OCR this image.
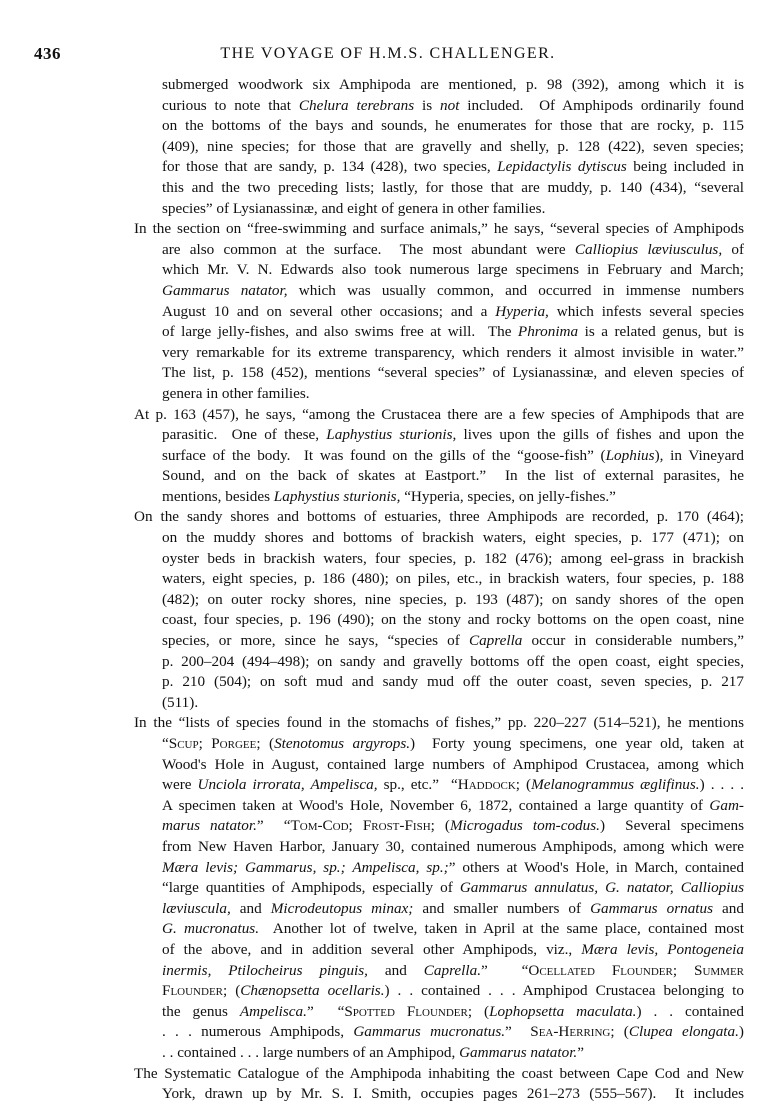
436	THE VOYAGE OF H.M.S. CHALLENGER.
submerged woodwork six Amphipoda are mentioned, p. 98 (392), among which it is
curious to note that Chelura terebrans is not included.  Of Amphipods ordinarily found
on the bottoms of the bays and sounds, he enumerates for those that are rocky, p. 115
(409), nine species; for those that are gravelly and shelly, p. 128 (422), seven species;
for those that are sandy, p. 134 (428), two species, Lepidactylis dytiscus being included in
this and the two preceding lists; lastly, for those that are muddy, p. 140 (434), “several
species” of Lysianassinæ, and eight of genera in other families.
In the section on “free-swimming and surface animals,” he says, “several species of Amphipods
are also common at the surface.  The most abundant were Calliopius læviusculus, of
which Mr. V. N. Edwards also took numerous large specimens in February and March;
Gammarus natator, which was usually common, and occurred in immense numbers
August 10 and on several other occasions; and a Hyperia, which infests several species
of large jelly-fishes, and also swims free at will.  The Phronima is a related genus, but is
very remarkable for its extreme transparency, which renders it almost invisible in water.”
The list, p. 158 (452), mentions “several species” of Lysianassinæ, and eleven species of
genera in other families.
At p. 163 (457), he says, “among the Crustacea there are a few species of Amphipods that are
parasitic.  One of these, Laphystius sturionis, lives upon the gills of fishes and upon the
surface of the body.  It was found on the gills of the “goose-fish” (Lophius), in Vineyard
Sound, and on the back of skates at Eastport.”  In the list of external parasites, he
mentions, besides Laphystius sturionis, “Hyperia, species, on jelly-fishes.”
On the sandy shores and bottoms of estuaries, three Amphipods are recorded, p. 170 (464);
on the muddy shores and bottoms of brackish waters, eight species, p. 177 (471); on
oyster beds in brackish waters, four species, p. 182 (476); among eel-grass in brackish
waters, eight species, p. 186 (480); on piles, etc., in brackish waters, four species, p. 188
(482); on outer rocky shores, nine species, p. 193 (487); on sandy shores of the open
coast, four species, p. 196 (490); on the stony and rocky bottoms on the open coast, nine
species, or more, since he says, “species of Caprella occur in considerable numbers,”
p. 200–204 (494–498); on sandy and gravelly bottoms off the open coast, eight species,
p. 210 (504); on soft mud and sandy mud off the outer coast, seven species, p. 217
(511).
In the “lists of species found in the stomachs of fishes,” pp. 220–227 (514–521), he mentions
“Scup; Porgee; (Stenotomus argyrops.)  Forty young specimens, one year old, taken at
Wood's Hole in August, contained large numbers of Amphipod Crustacea, among which
were Unciola irrorata, Ampelisca, sp., etc.”  “Haddock; (Melanogrammus æglifinus.) . . . .
A specimen taken at Wood's Hole, November 6, 1872, contained a large quantity of Gam-
marus natator.”  “Tom-Cod; Frost-Fish; (Microgadus tom-codus.)  Several specimens
from New Haven Harbor, January 30, contained numerous Amphipods, among which were
Mæra levis; Gammarus, sp.; Ampelisca, sp.;” others at Wood's Hole, in March, contained
“large quantities of Amphipods, especially of Gammarus annulatus, G. natator, Calliopius
læviuscula, and Microdeutopus minax; and smaller numbers of Gammarus ornatus and
G. mucronatus.  Another lot of twelve, taken in April at the same place, contained most
of the above, and in addition several other Amphipods, viz., Mæra levis, Pontogeneia
inermis, Ptilocheirus pinguis, and Caprella.”  “Ocellated Flounder; Summer
Flounder; (Chænopsetta ocellaris.) . . contained . . . Amphipod Crustacea belonging to
the genus Ampelisca.”  “Spotted Flounder; (Lophopsetta maculata.) . . contained
. . . numerous Amphipods, Gammarus mucronatus.”  Sea-Herring; (Clupea elongata.)
. . contained . . . large numbers of an Amphipod, Gammarus natator.”
The Systematic Catalogue of the Amphipoda inhabiting the coast between Cape Cod and New
York, drawn up by Mr. S. I. Smith, occupies pages 261–273 (555–567).  It includes
